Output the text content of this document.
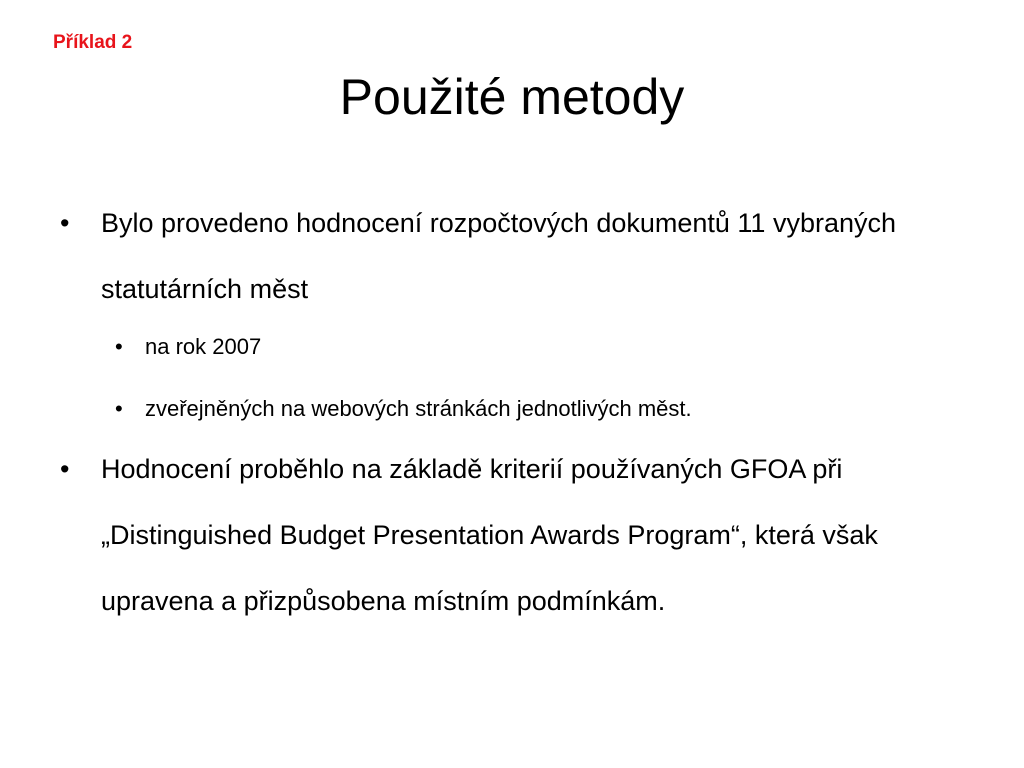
Příklad 2
Použité metody
• Bylo provedeno hodnocení rozpočtových dokumentů 11 vybraných statutárních měst
• na rok 2007
• zveřejněných na webových stránkách jednotlivých měst.
• Hodnocení proběhlo na základě kriterií používaných GFOA při „Distinguished Budget Presentation Awards Program“, která však upravena a přizpůsobena místním podmínkám.
